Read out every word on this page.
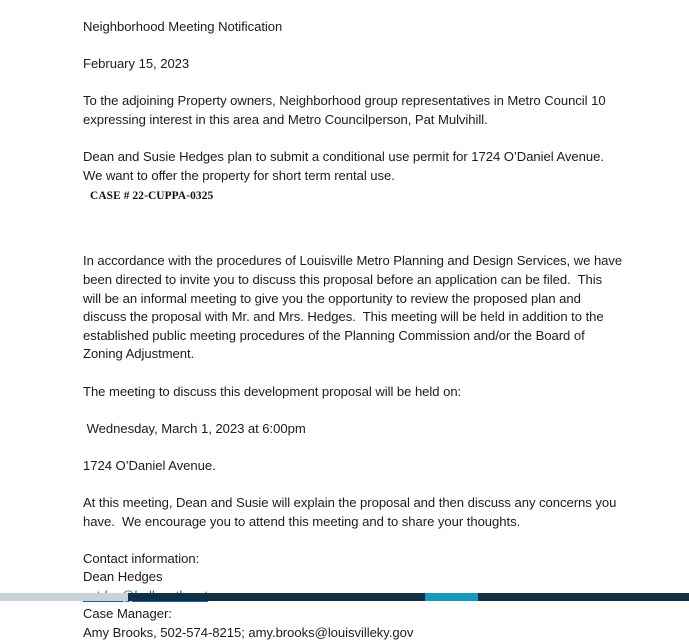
Neighborhood Meeting Notification

February 15, 2023

To the adjoining Property owners, Neighborhood group representatives in Metro Council 10 expressing interest in this area and Metro Councilperson, Pat Mulvihill.

Dean and Susie Hedges plan to submit a conditional use permit for 1724 O’Daniel Avenue. We want to offer the property for short term rental use.

CASE # 22-CUPPA-0325

In accordance with the procedures of Louisville Metro Planning and Design Services, we have been directed to invite you to discuss this proposal before an application can be filed.  This will be an informal meeting to give you the opportunity to review the proposed plan and discuss the proposal with Mr. and Mrs. Hedges.  This meeting will be held in addition to the established public meeting procedures of the Planning Commission and/or the Board of Zoning Adjustment.

The meeting to discuss this development proposal will be held on:

Wednesday, March 1, 2023 at 6:00pm

1724 O’Daniel Avenue.

At this meeting, Dean and Susie will explain the proposal and then discuss any concerns you have.  We encourage you to attend this meeting and to share your thoughts.

Contact information:

Dean Hedges

Case Manager:

Amy Brooks, 502-574-8215; amy.brooks@louisvilleky.gov
